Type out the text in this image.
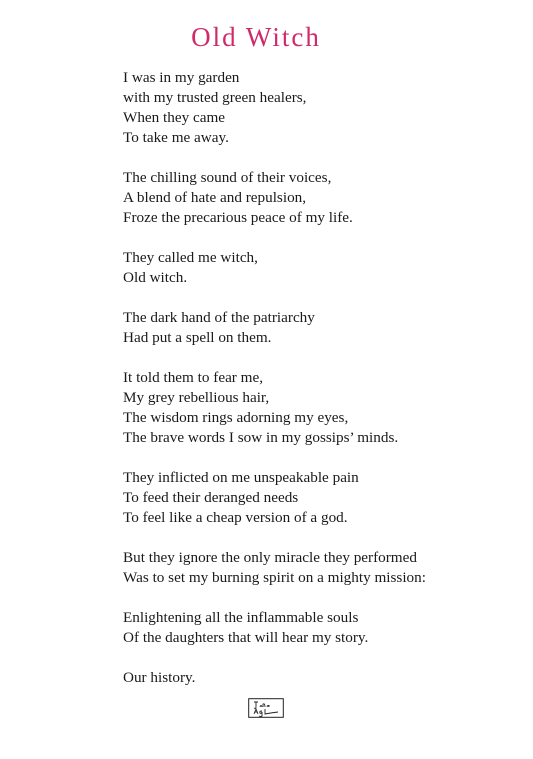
Old Witch
I was in my garden
with my trusted green healers,
When they came
To take me away.
The chilling sound of their voices,
A blend of hate and repulsion,
Froze the precarious peace of my life.
They called me witch,
Old witch.
The dark hand of the patriarchy
Had put a spell on them.
It told them to fear me,
My grey rebellious hair,
The wisdom rings adorning my eyes,
The brave words I sow in my gossips’ minds.
They inflicted on me unspeakable pain
To feed their deranged needs
To feel like a cheap version of a god.
But they ignore the only miracle they performed
Was to set my burning spirit on a mighty mission:
Enlightening all the inflammable souls
Of the daughters that will hear my story.
Our history.
